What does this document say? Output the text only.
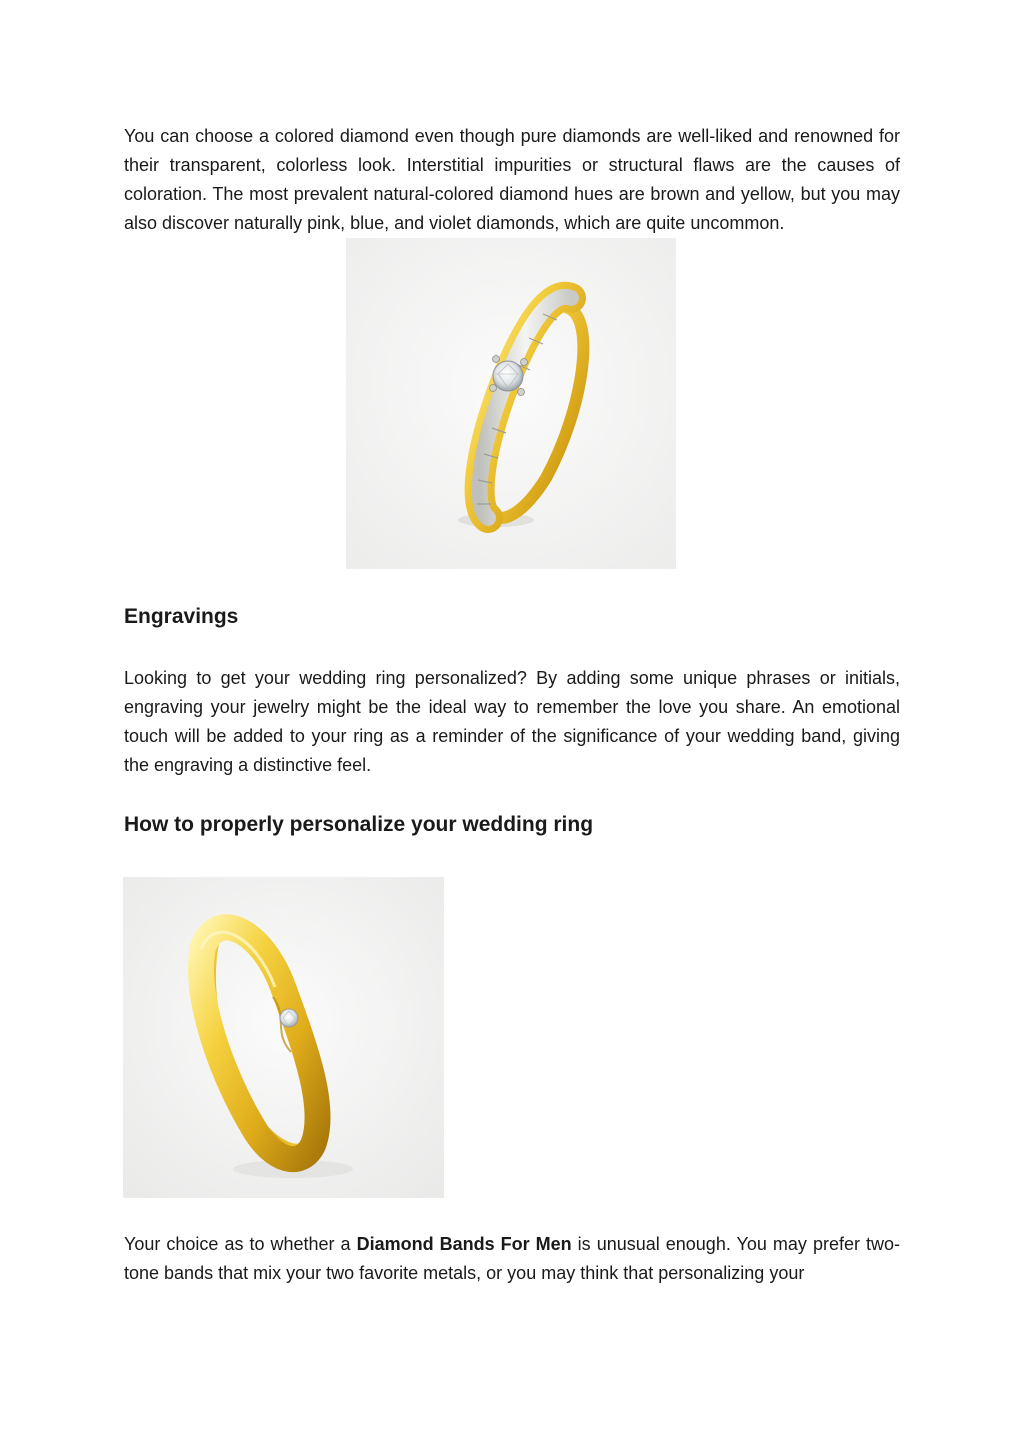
You can choose a colored diamond even though pure diamonds are well-liked and renowned for their transparent, colorless look. Interstitial impurities or structural flaws are the causes of coloration. The most prevalent natural-colored diamond hues are brown and yellow, but you may also discover naturally pink, blue, and violet diamonds, which are quite uncommon.

Engravings

Looking to get your wedding ring personalized? By adding some unique phrases or initials, engraving your jewelry might be the ideal way to remember the love you share. An emotional touch will be added to your ring as a reminder of the significance of your wedding band, giving the engraving a distinctive feel.

How to properly personalize your wedding ring

Your choice as to whether a Diamond Bands For Men is unusual enough. You may prefer two-tone bands that mix your two favorite metals, or you may think that personalizing your
